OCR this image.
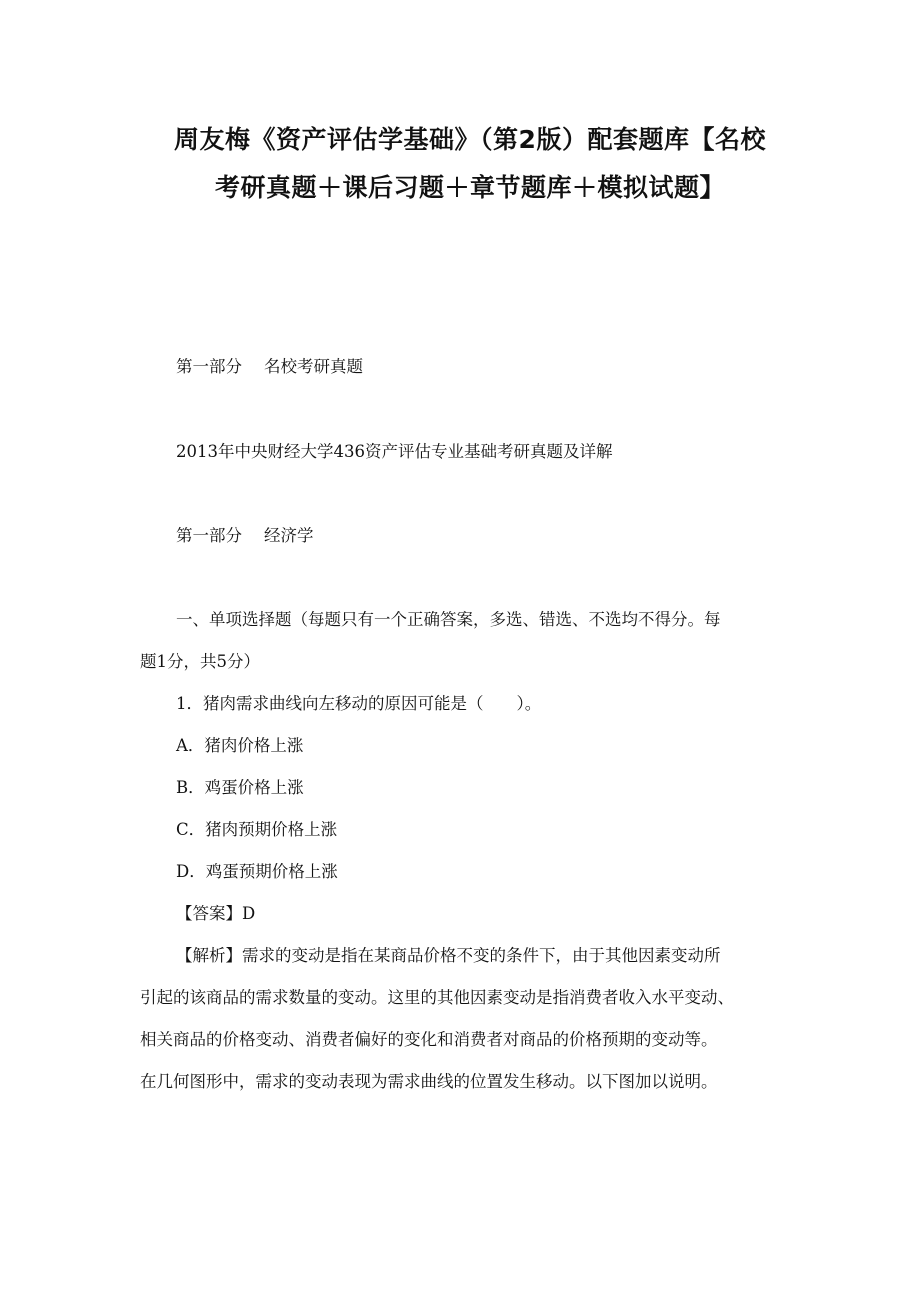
周友梅《资产评估学基础》（第2版）配套题库【名校
考研真题＋课后习题＋章节题库＋模拟试题】
第一部分 名校考研真题
2013年中央财经大学436资产评估专业基础考研真题及详解
第一部分 经济学
一、单项选择题（每题只有一个正确答案，多选、错选、不选均不得分。每
题1分，共5分）
1．猪肉需求曲线向左移动的原因可能是（　　）。
A．猪肉价格上涨
B．鸡蛋价格上涨
C．猪肉预期价格上涨
D．鸡蛋预期价格上涨
【答案】D
【解析】需求的变动是指在某商品价格不变的条件下，由于其他因素变动所
引起的该商品的需求数量的变动。这里的其他因素变动是指消费者收入水平变动、
相关商品的价格变动、消费者偏好的变化和消费者对商品的价格预期的变动等。
在几何图形中，需求的变动表现为需求曲线的位置发生移动。以下图加以说明。
